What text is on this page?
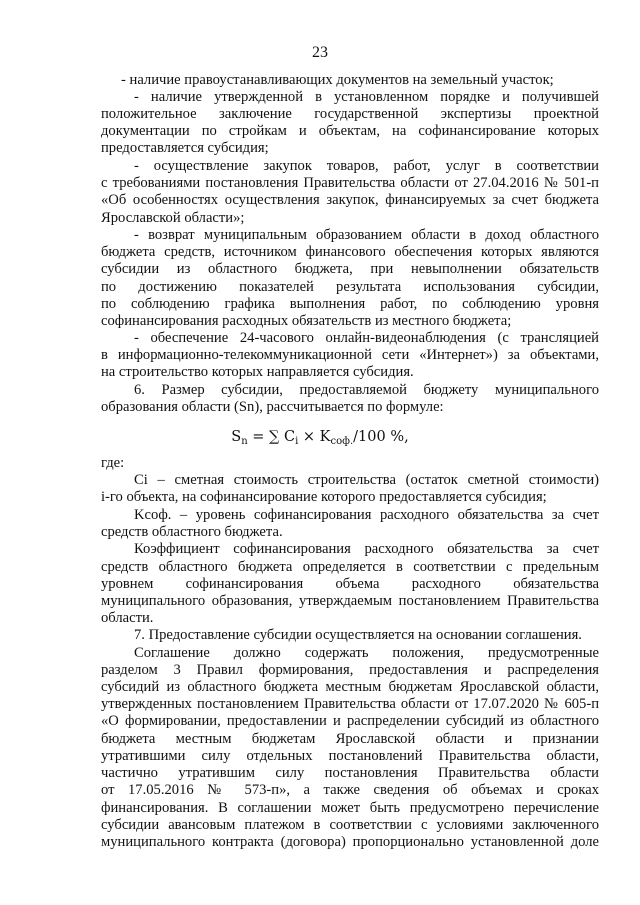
23
- наличие правоустанавливающих документов на земельный участок;
- наличие утвержденной в установленном порядке и получившей
положительное заключение государственной экспертизы проектной
документации по стройкам и объектам, на софинансирование которых
предоставляется субсидия;
- осуществление закупок товаров, работ, услуг в соответствии
с требованиями постановления Правительства области от 27.04.2016 № 501-п
«Об особенностях осуществления закупок, финансируемых за счет бюджета
Ярославской области»;
- возврат муниципальным образованием области в доход областного
бюджета средств, источником финансового обеспечения которых являются
субсидии из областного бюджета, при невыполнении обязательств
по достижению показателей результата использования субсидии,
по соблюдению графика выполнения работ, по соблюдению уровня
софинансирования расходных обязательств из местного бюджета;
- обеспечение 24-часового онлайн-видеонаблюдения (с трансляцией
в информационно-телекоммуникационной сети «Интернет») за объектами,
на строительство которых направляется субсидия.
6. Размер субсидии, предоставляемой бюджету муниципального
образования области (Sn), рассчитывается по формуле:
$S_n$ = ∑ $C_i \times K_{соф.}/100$ %,
где:
Ci – сметная стоимость строительства (остаток сметной стоимости)
i-го объекта, на софинансирование которого предоставляется субсидия;
Kсоф. – уровень софинансирования расходного обязательства за счет
средств областного бюджета.
Коэффициент софинансирования расходного обязательства за счет
средств областного бюджета определяется в соответствии с предельным
уровнем софинансирования объема расходного обязательства
муниципального образования, утверждаемым постановлением Правительства
области.
7. Предоставление субсидии осуществляется на основании соглашения.
Соглашение должно содержать положения, предусмотренные
разделом 3 Правил формирования, предоставления и распределения
субсидий из областного бюджета местным бюджетам Ярославской области,
утвержденных постановлением Правительства области от 17.07.2020 № 605-п
«О формировании, предоставлении и распределении субсидий из областного
бюджета местным бюджетам Ярославской области и признании
утратившими силу отдельных постановлений Правительства области,
частично утратившим силу постановления Правительства области
от 17.05.2016 № 573-п», а также сведения об объемах и сроках
финансирования. В соглашении может быть предусмотрено перечисление
субсидии авансовым платежом в соответствии с условиями заключенного
муниципального контракта (договора) пропорционально установленной доле
